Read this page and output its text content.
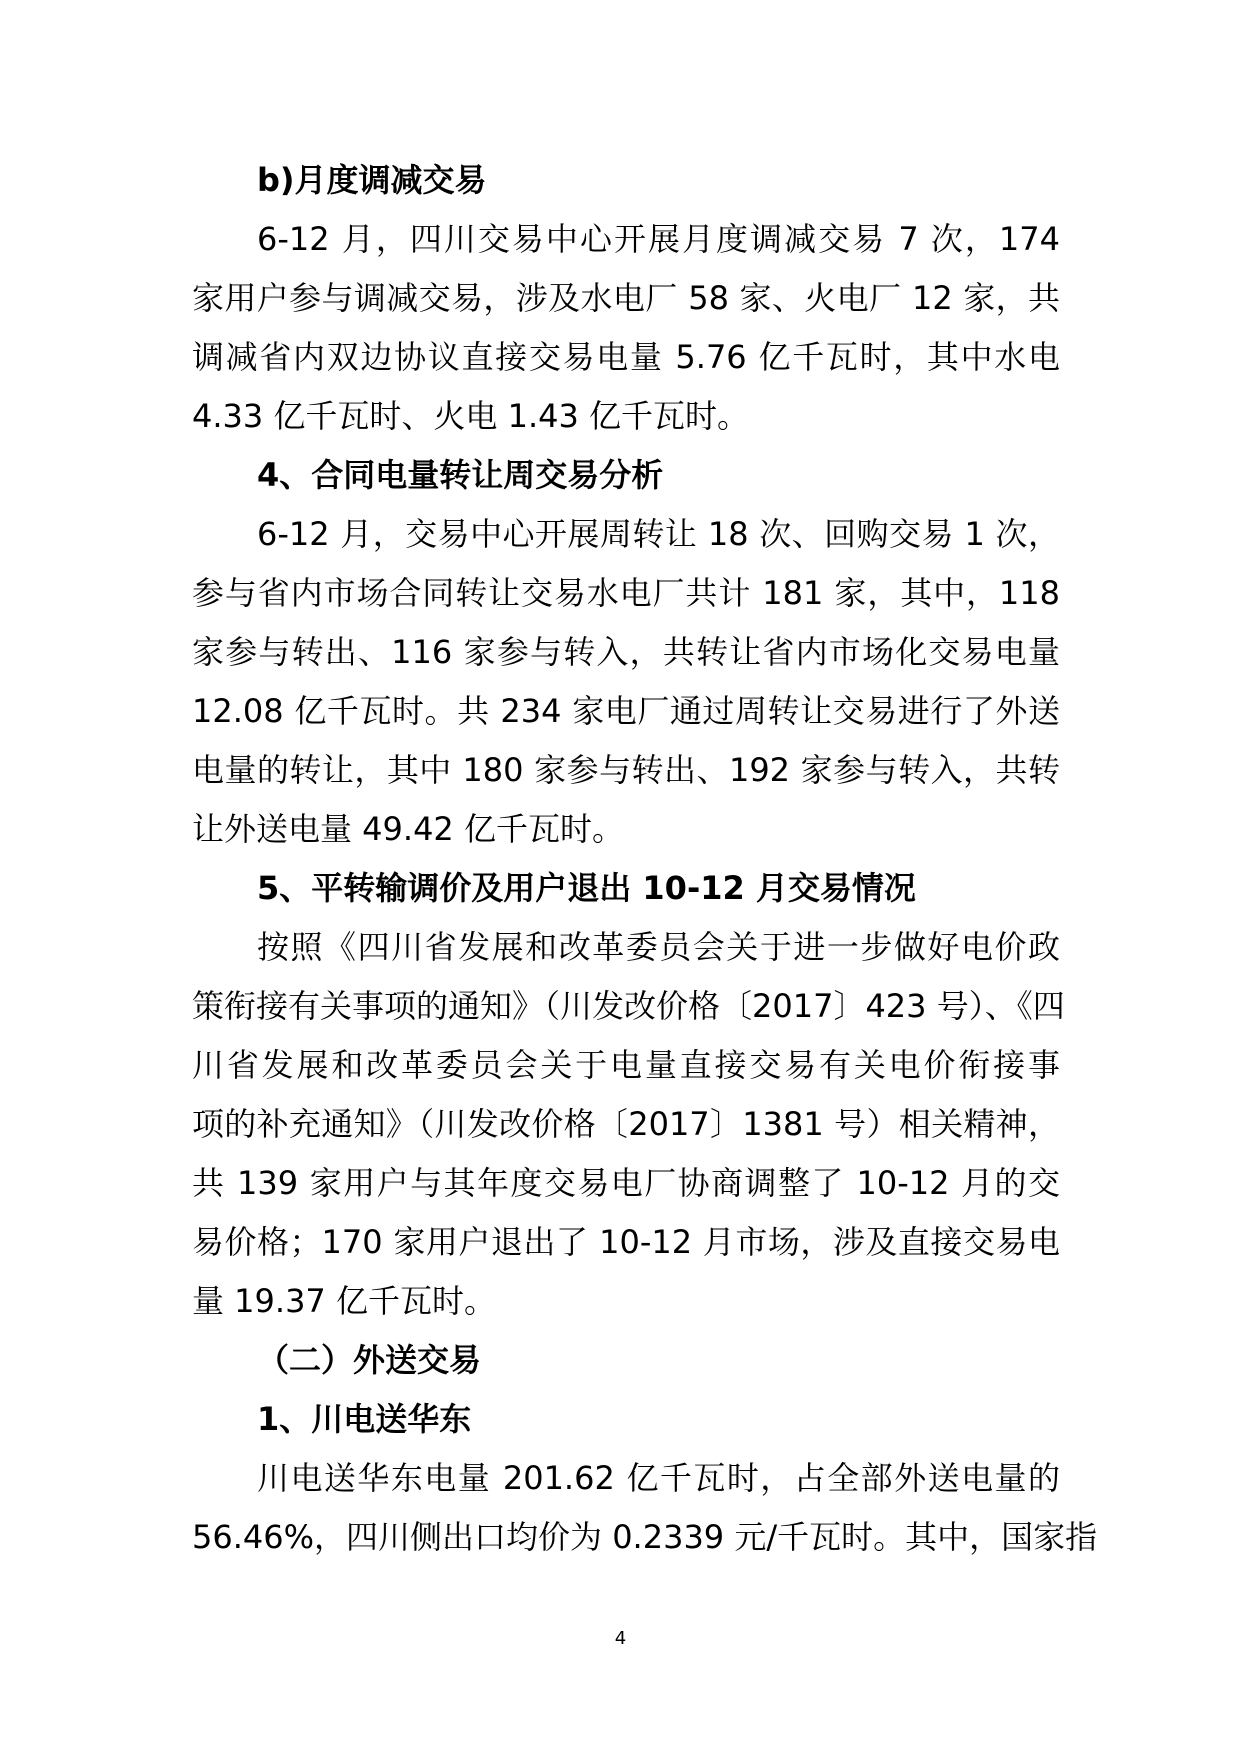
b)月度调减交易
6-12 月，四川交易中心开展月度调减交易 7 次，174
家用户参与调减交易，涉及水电厂 58 家、火电厂 12 家，共
调减省内双边协议直接交易电量 5.76 亿千瓦时，其中水电
4.33 亿千瓦时、火电 1.43 亿千瓦时。
4、合同电量转让周交易分析
6-12 月，交易中心开展周转让 18 次、回购交易 1 次，
参与省内市场合同转让交易水电厂共计 181 家，其中，118
家参与转出、116 家参与转入，共转让省内市场化交易电量
12.08 亿千瓦时。共 234 家电厂通过周转让交易进行了外送
电量的转让，其中 180 家参与转出、192 家参与转入，共转
让外送电量 49.42 亿千瓦时。
5、平转输调价及用户退出 10-12 月交易情况
按照《四川省发展和改革委员会关于进一步做好电价政
策衔接有关事项的通知》（川发改价格〔2017〕423 号）、《四
川省发展和改革委员会关于电量直接交易有关电价衔接事
项的补充通知》（川发改价格〔2017〕1381 号）相关精神，
共 139 家用户与其年度交易电厂协商调整了 10-12 月的交
易价格；170 家用户退出了 10-12 月市场，涉及直接交易电
量 19.37 亿千瓦时。
（二）外送交易
1、川电送华东
川电送华东电量 201.62 亿千瓦时，占全部外送电量的
56.46%，四川侧出口均价为 0.2339 元/千瓦时。其中，国家指
4
